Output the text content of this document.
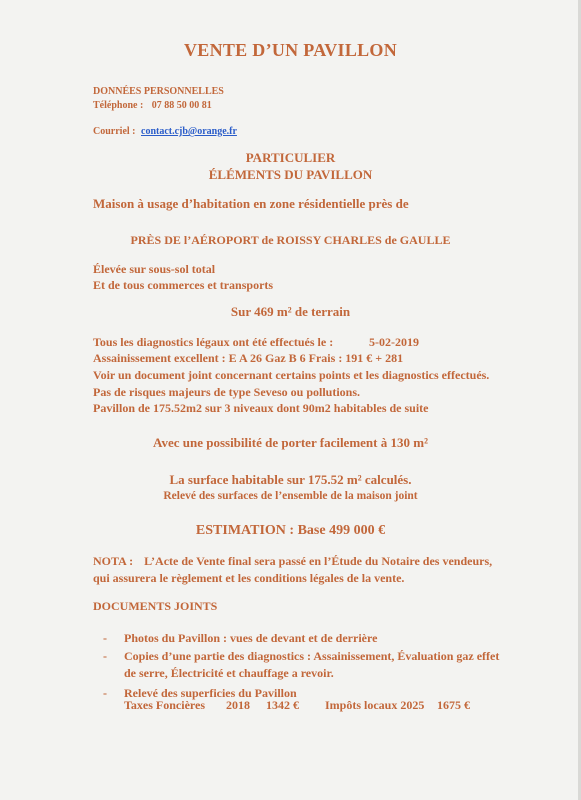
VENTE D’UN PAVILLON
DONNÉES PERSONNELLES
Téléphone : 07 88 50 00 81
Courriel : contact.cjb@orange.fr
PARTICULIER
ÉLÉMENTS DU PAVILLON
Maison à usage d’habitation en zone résidentielle près de
PRÈS DE l’AÉROPORT de ROISSY CHARLES de GAULLE
Élevée sur sous-sol total
Et de tous commerces et transports
Sur 469 m² de terrain
Tous les diagnostics légaux ont été effectués le :	5-02-2019
Assainissement excellent : E A 26 Gaz B 6 Frais : 191 € + 281
Voir un document joint concernant certains points et les diagnostics effectués.
Pas de risques majeurs de type Seveso ou pollutions.
Pavillon de 175.52m2 sur 3 niveaux dont 90m2 habitables de suite
Avec une possibilité de porter facilement à 130 m²
La surface habitable sur 175.52 m² calculés.
Relevé des surfaces de l’ensemble de la maison joint
ESTIMATION : Base 499 000 €
NOTA : L’Acte de Vente final sera passé en l’Étude du Notaire des vendeurs,
qui assurera le règlement et les conditions légales de la vente.
DOCUMENTS JOINTS
- Photos du Pavillon : vues de devant et de derrière
- Copies d’une partie des diagnostics : Assainissement, Évaluation gaz effet
de serre, Électricité et chauffage a revoir.
- Relevé des superficies du Pavillon
Taxes Foncières 2018 1342 € Impôts locaux 2025 1675 €
